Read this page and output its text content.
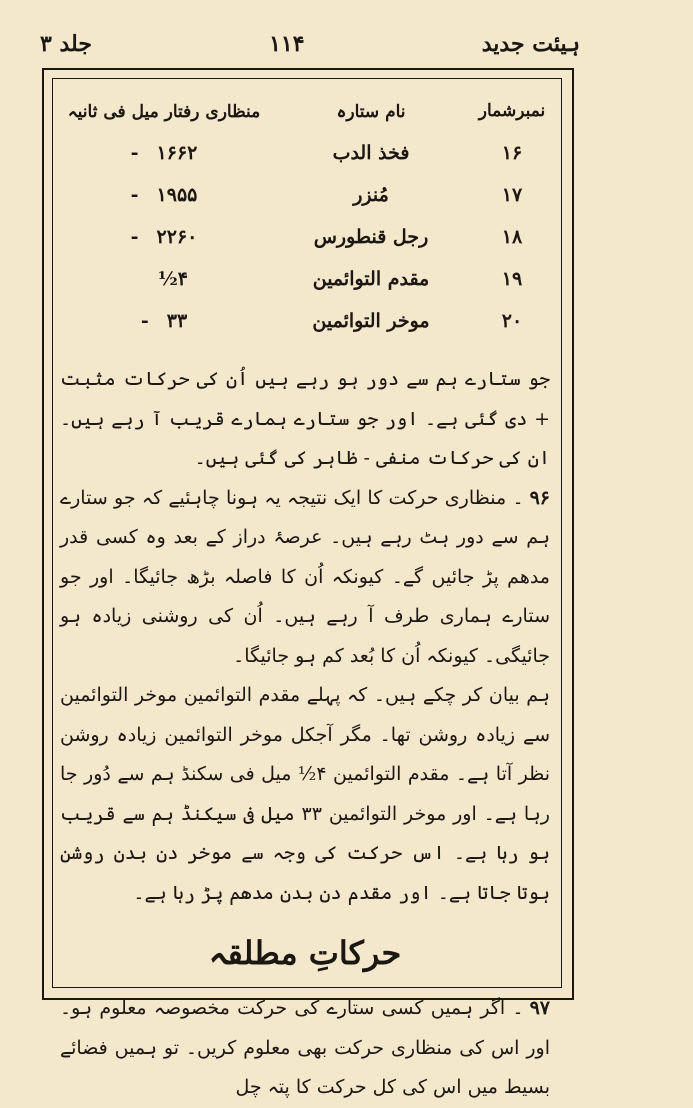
ہیئت جدید
۱۱۴
جلد ۳
نمبرشمار
نام ستارہ
منظاری رفتار میل فی ثانیہ
۱۶
فخذ الدب
۱۶۶۲-
۱۷
مُنزر
۱۹۵۵-
۱۸
رجل قنطورس
۲۲۶۰-
۱۹
مقدم التوائمین
۴½
۲۰
موخر التوائمین
۳۳-

جو ستارے ہم سے دور ہو رہے ہیں اُن کی حرکات مثبت + دی گئی ہے۔ اور جو ستارے ہمارے قریب آ رہے ہیں۔ ان کی حرکات منفی - ظاہر کی گئی ہیں۔

۹۶۔ منظاری حرکت کا ایک نتیجہ یہ ہونا چاہئیے کہ جو ستارے ہم سے دور ہٹ رہے ہیں۔ عرصۂ دراز کے بعد وہ کسی قدر مدھم پڑ جائیں گے۔ کیونکہ اُن کا فاصلہ بڑھ جائیگا۔ اور جو ستارے ہماری طرف آ رہے ہیں۔ اُن کی روشنی زیادہ ہو جائیگی۔ کیونکہ اُن کا بُعد کم ہو جائیگا۔

ہم بیان کر چکے ہیں۔ کہ پہلے مقدم التوائمین موخر التوائمین سے زیادہ روشن تھا۔ مگر آجکل موخر التوائمین زیادہ روشن نظر آتا ہے۔ مقدم التوائمین ۴½ میل فی سکنڈ ہم سے دُور جا رہا ہے۔ اور موخر التوائمین ۳۳ میل فی سیکنڈ ہم سے قریب ہو رہا ہے۔ اس حرکت کی وجہ سے موخر دن بدن روشن ہوتا جاتا ہے۔ اور مقدم دن بدن مدھم پڑ رہا ہے۔

حرکاتِ مطلقہ

۹۷۔ اگر ہمیں کسی ستارے کی حرکت مخصوصہ معلوم ہو۔ اور اس کی منظاری حرکت بھی معلوم کریں۔ تو ہمیں فضائے بسیط میں اس کی کل حرکت کا پتہ چل
